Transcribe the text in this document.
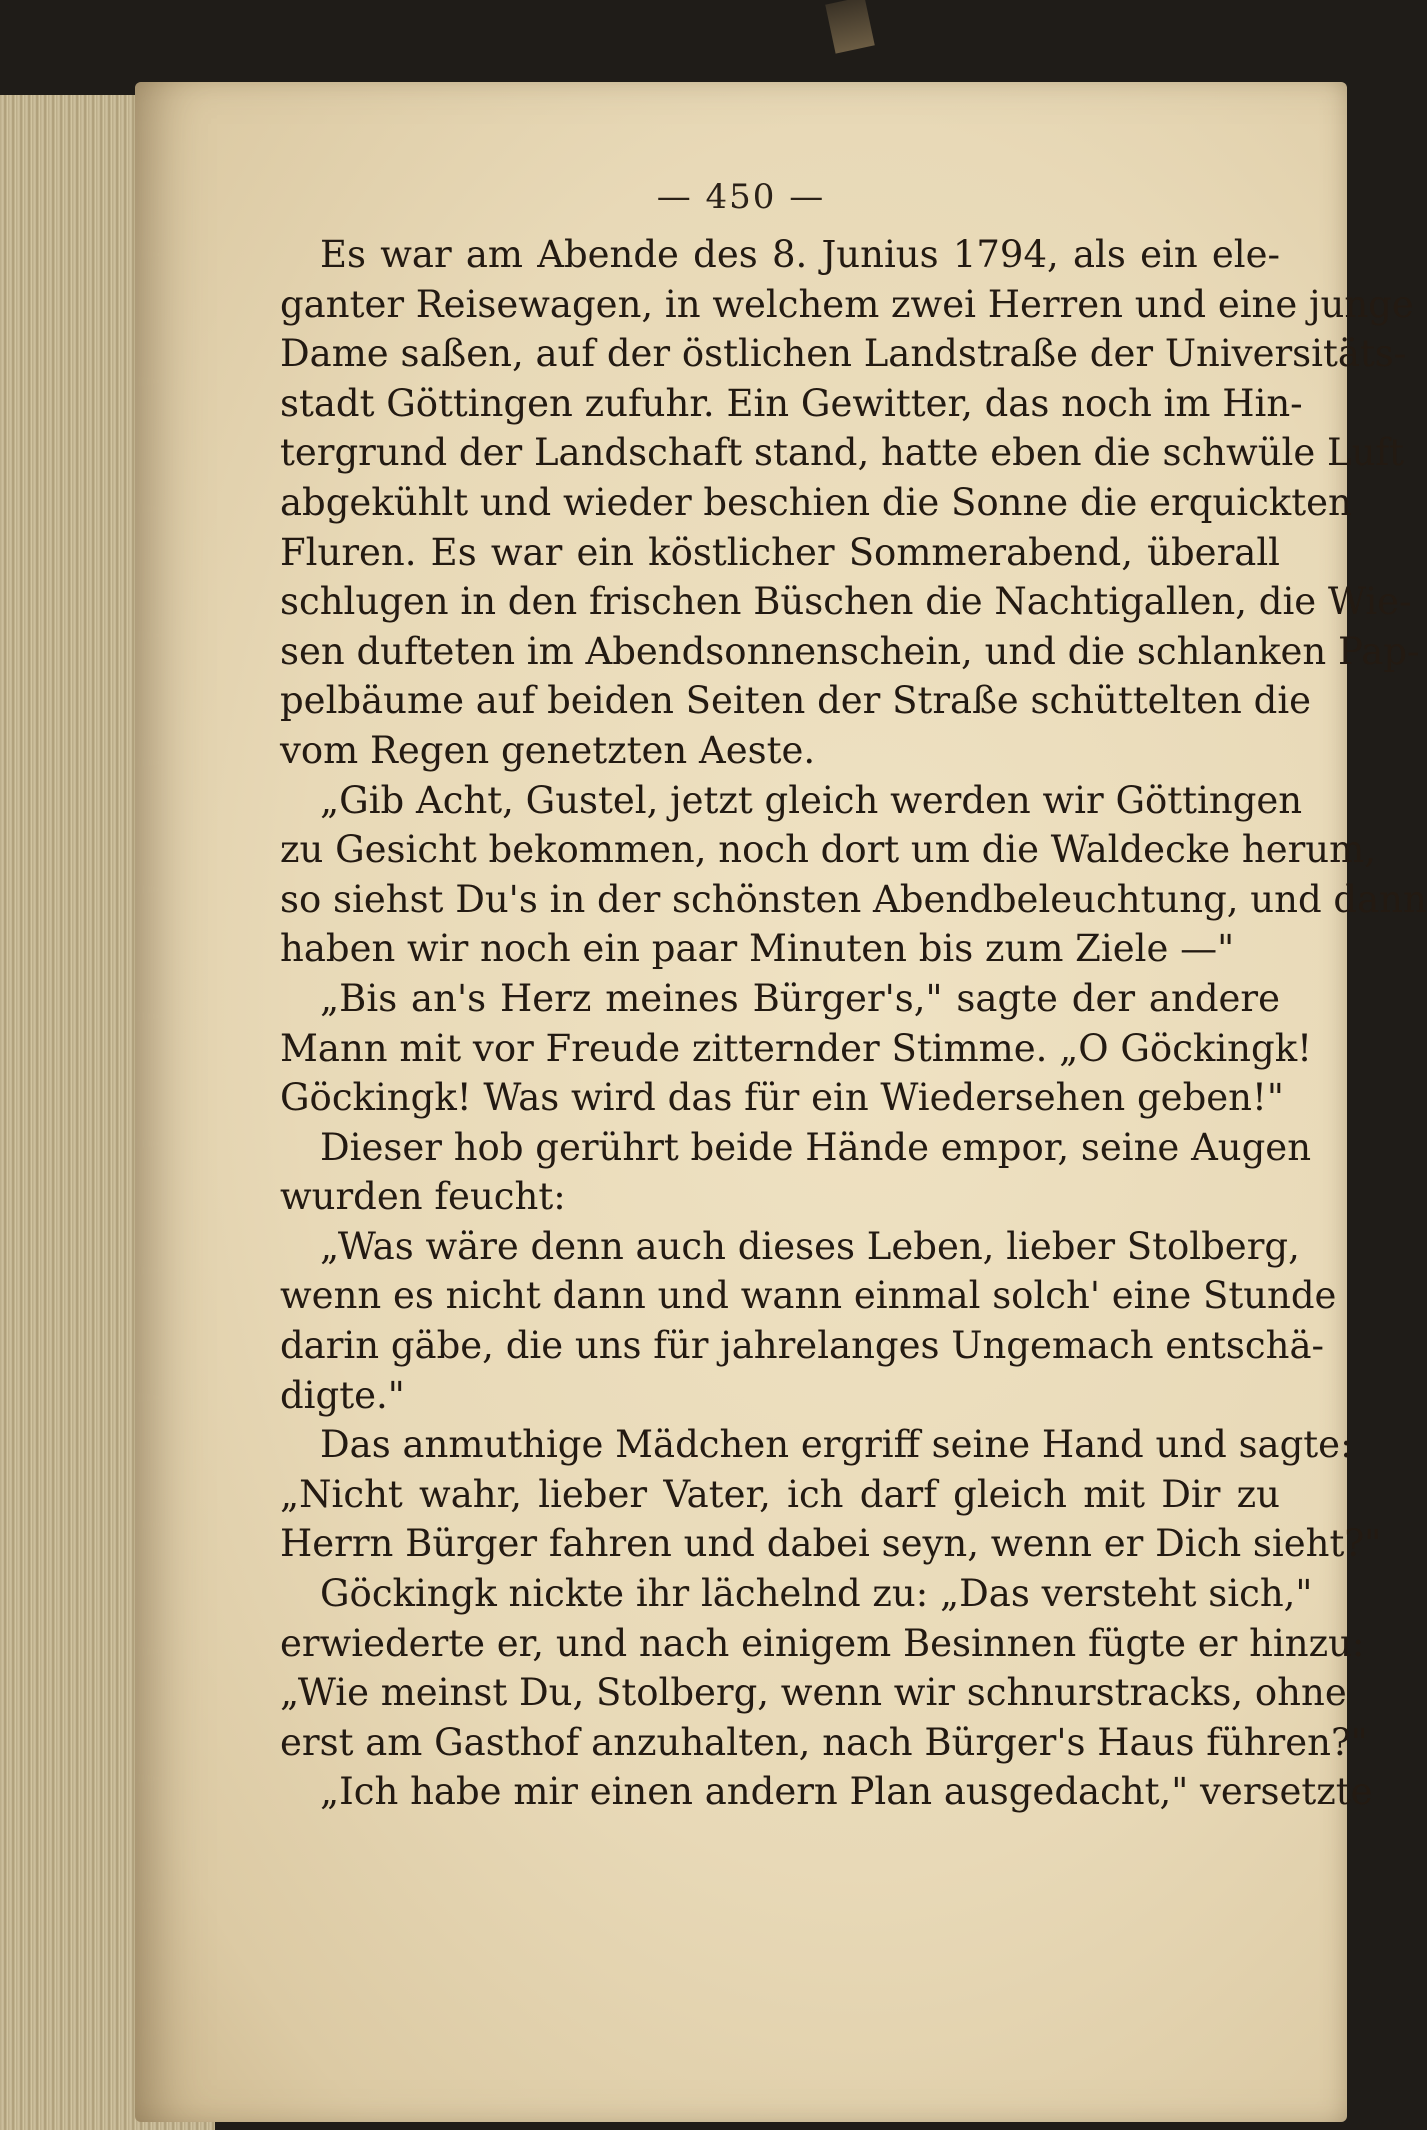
— 450 —
Es war am Abende des 8. Junius 1794, als ein ele-
ganter Reisewagen, in welchem zwei Herren und eine junge
Dame saßen, auf der östlichen Landstraße der Universitäts-
stadt Göttingen zufuhr. Ein Gewitter, das noch im Hin-
tergrund der Landschaft stand, hatte eben die schwüle Luft
abgekühlt und wieder beschien die Sonne die erquickten
Fluren. Es war ein köstlicher Sommerabend, überall
schlugen in den frischen Büschen die Nachtigallen, die Wie-
sen dufteten im Abendsonnenschein, und die schlanken Pap-
pelbäume auf beiden Seiten der Straße schüttelten die
vom Regen genetzten Aeste.
„Gib Acht, Gustel, jetzt gleich werden wir Göttingen
zu Gesicht bekommen, noch dort um die Waldecke herum,
so siehst Du's in der schönsten Abendbeleuchtung, und dann
haben wir noch ein paar Minuten bis zum Ziele —"
„Bis an's Herz meines Bürger's," sagte der andere
Mann mit vor Freude zitternder Stimme. „O Göckingk!
Göckingk! Was wird das für ein Wiedersehen geben!"
Dieser hob gerührt beide Hände empor, seine Augen
wurden feucht:
„Was wäre denn auch dieses Leben, lieber Stolberg,
wenn es nicht dann und wann einmal solch' eine Stunde
darin gäbe, die uns für jahrelanges Ungemach entschä-
digte."
Das anmuthige Mädchen ergriff seine Hand und sagte:
„Nicht wahr, lieber Vater, ich darf gleich mit Dir zu
Herrn Bürger fahren und dabei seyn, wenn er Dich sieht?"
Göckingk nickte ihr lächelnd zu: „Das versteht sich,"
erwiederte er, und nach einigem Besinnen fügte er hinzu:
„Wie meinst Du, Stolberg, wenn wir schnurstracks, ohne
erst am Gasthof anzuhalten, nach Bürger's Haus führen?"
„Ich habe mir einen andern Plan ausgedacht," versetzte
